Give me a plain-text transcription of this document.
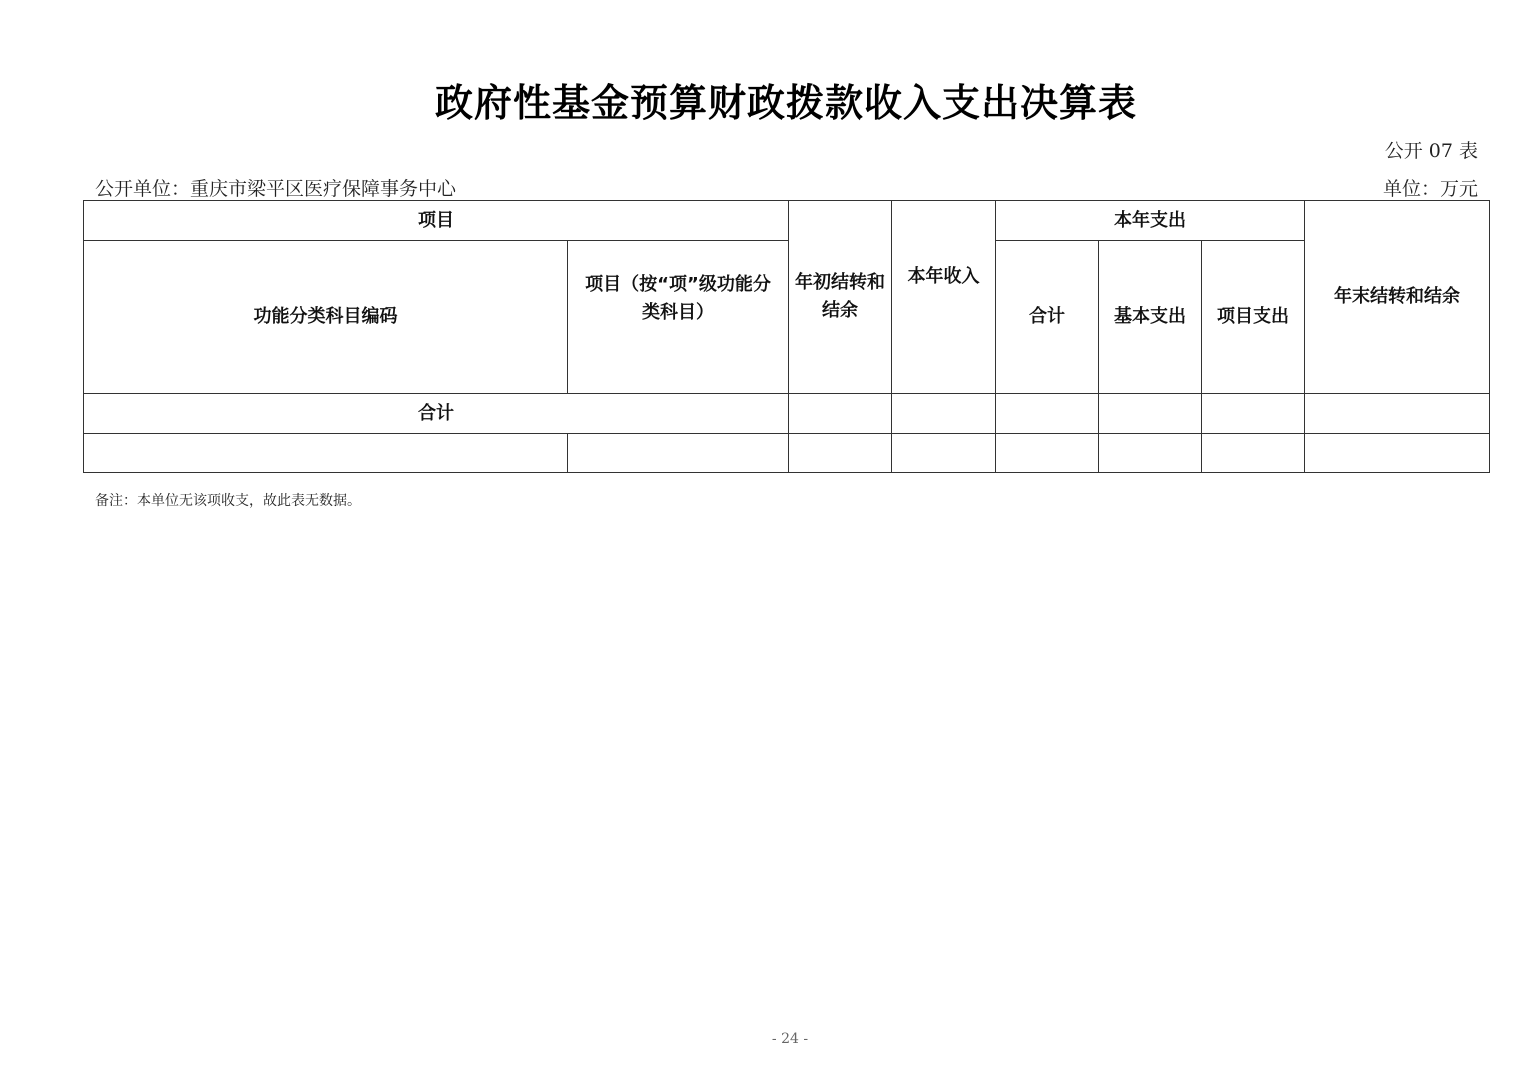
政府性基金预算财政拨款收入支出决算表
公开 07 表
公开单位：重庆市梁平区医疗保障事务中心	单位：万元
项目		年初结转和结余	本年收入	本年支出			年末结转和结余
功能分类科目编码	项目（按“项”级功能分类科目）			合计	基本支出	项目支出	
合计							

备注：本单位无该项收支，故此表无数据。
- 24 -
